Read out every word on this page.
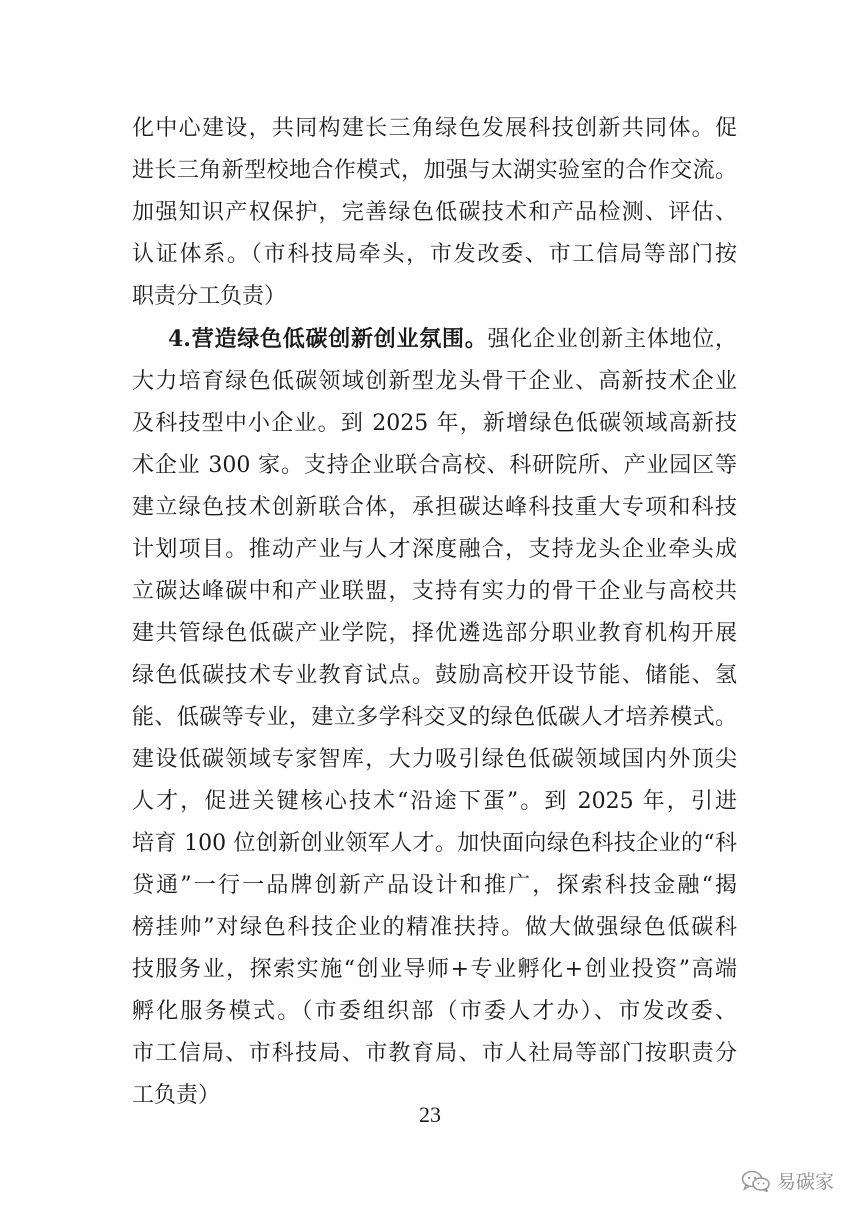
化中心建设，共同构建长三角绿色发展科技创新共同体。促
进长三角新型校地合作模式，加强与太湖实验室的合作交流。
加强知识产权保护，完善绿色低碳技术和产品检测、评估、
认证体系。（市科技局牵头，市发改委、市工信局等部门按
职责分工负责）
4.营造绿色低碳创新创业氛围。强化企业创新主体地位，
大力培育绿色低碳领域创新型龙头骨干企业、高新技术企业
及科技型中小企业。到 2025 年，新增绿色低碳领域高新技
术企业 300 家。支持企业联合高校、科研院所、产业园区等
建立绿色技术创新联合体，承担碳达峰科技重大专项和科技
计划项目。推动产业与人才深度融合，支持龙头企业牵头成
立碳达峰碳中和产业联盟，支持有实力的骨干企业与高校共
建共管绿色低碳产业学院，择优遴选部分职业教育机构开展
绿色低碳技术专业教育试点。鼓励高校开设节能、储能、氢
能、低碳等专业，建立多学科交叉的绿色低碳人才培养模式。
建设低碳领域专家智库，大力吸引绿色低碳领域国内外顶尖
人才，促进关键核心技术“沿途下蛋”。到 2025 年，引进
培育 100 位创新创业领军人才。加快面向绿色科技企业的“科
贷通”一行一品牌创新产品设计和推广，探索科技金融“揭
榜挂帅”对绿色科技企业的精准扶持。做大做强绿色低碳科
技服务业，探索实施“创业导师+专业孵化+创业投资”高端
孵化服务模式。（市委组织部（市委人才办）、市发改委、
市工信局、市科技局、市教育局、市人社局等部门按职责分
工负责）
23
易碳家
